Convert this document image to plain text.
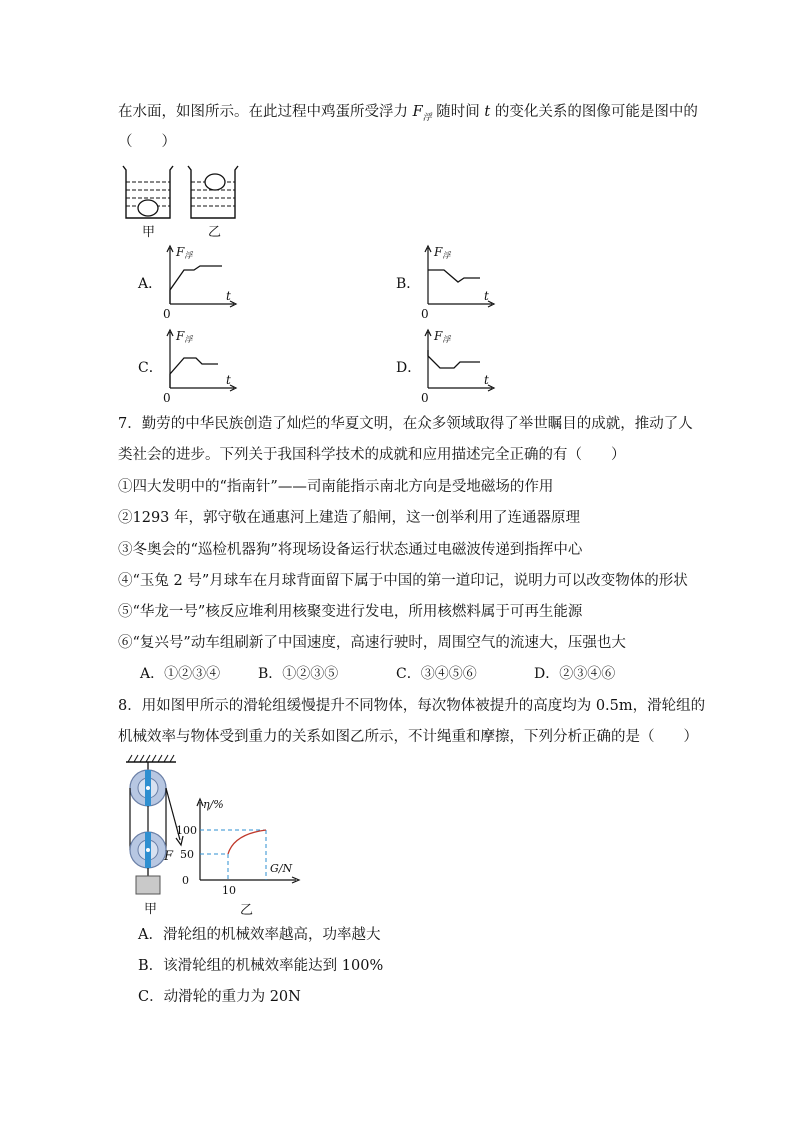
在水面，如图所示。在此过程中鸡蛋所受浮力 $F_浮$ 随时间 t 的变化关系的图像可能是图中的
（　　）
甲	乙
A．
F浮
t
0
B．
F浮
t
0
C．
F浮
t
0
D．
F浮
t
0
7．勤劳的中华民族创造了灿烂的华夏文明，在众多领域取得了举世瞩目的成就，推动了人
类社会的进步。下列关于我国科学技术的成就和应用描述完全正确的有（　　）
①四大发明中的“指南针”——司南能指示南北方向是受地磁场的作用
②1293 年，郭守敬在通惠河上建造了船闸，这一创举利用了连通器原理
③冬奥会的“巡检机器狗”将现场设备运行状态通过电磁波传递到指挥中心
④“玉兔 2 号”月球车在月球背面留下属于中国的第一道印记，说明力可以改变物体的形状
⑤“华龙一号”核反应堆利用核聚变进行发电，所用核燃料属于可再生能源
⑥“复兴号”动车组刷新了中国速度，高速行驶时，周围空气的流速大，压强也大
A．①②③④	B．①②③⑤	C．③④⑤⑥	D．②③④⑥
8．用如图甲所示的滑轮组缓慢提升不同物体，每次物体被提升的高度均为 0.5m，滑轮组的
机械效率与物体受到重力的关系如图乙所示，不计绳重和摩擦，下列分析正确的是（　　）
F
甲
η/%
G/N
100
50
0
10
乙
A．滑轮组的机械效率越高，功率越大
B．该滑轮组的机械效率能达到 100%
C．动滑轮的重力为 20N
